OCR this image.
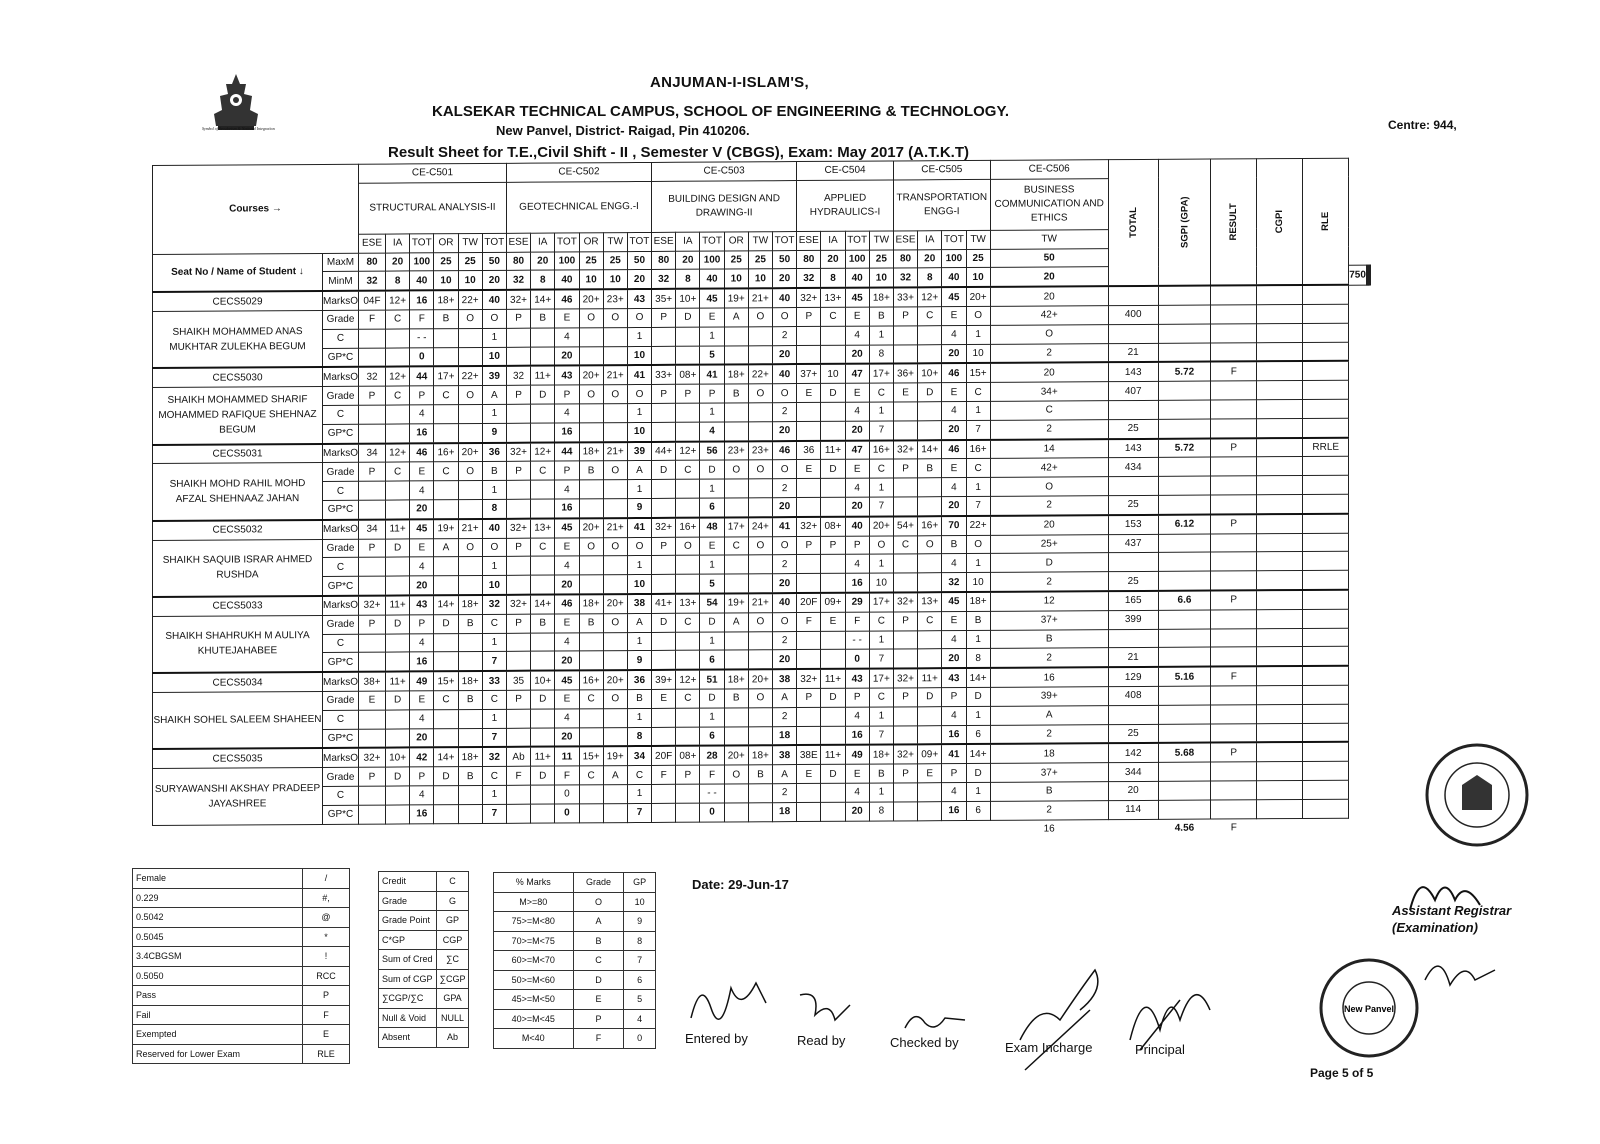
Symbol of Secularism & National Integration
ANJUMAN-I-ISLAM'S,
KALSEKAR TECHNICAL CAMPUS, SCHOOL OF ENGINEERING & TECHNOLOGY.
New Panvel, District- Raigad, Pin 410206.	Centre: 944,
Result Sheet for T.E.,Civil Shift - II , Semester V (CBGS), Exam: May 2017 (A.T.K.T)
Courses →		CE-C501						CE-C502						CE-C503						CE-C504				CE-C505				CE-C506	TOTAL	SGPI (GPA)	RESULT	CGPI	RLE			
		STRUCTURAL ANALYSIS-II						GEOTECHNICAL ENGG.-I						BUILDING DESIGN AND DRAWING-II						APPLIED HYDRAULICS-I				TRANSPORTATION ENGG-I				BUSINESS COMMUNICATION AND ETHICS								
		ESE	IA	TOT	OR	TW	TOT	ESE	IA	TOT	OR	TW	TOT	ESE	IA	TOT	OR	TW	TOT	ESE	IA	TOT	TW	ESE	IA	TOT	TW	TW								
Seat No / Name of Student ↓	MaxM	80	20	100	25	25	50	80	20	100	25	25	50	80	20	100	25	25	50	80	20	100	25	80	20	100	25	50								
	MinM	32	8	40	10	10	20	32	8	40	10	10	20	32	8	40	10	10	20	32	8	40	10	32	8	40	10	20						750				
CECS5029	MarksO	04F	12+	16	18+	22+	40	32+	14+	46	20+	23+	43	35+	10+	45	19+	21+	40	32+	13+	45	18+	33+	12+	45	20+	20								
SHAIKH MOHAMMED ANAS MUKHTAR ZULEKHA BEGUM	Grade	F	C	F	B	O	O	P	B	E	O	O	O	P	D	E	A	O	O	P	C	E	B	P	C	E	O	42+	400							
	C			- -			1			4			1			1			2			4	1			4	1	O								
	GP*C			0			10			20			10			5			20			20	8			20	10	2	21							
CECS5030	MarksO	32	12+	44	17+	22+	39	32	11+	43	20+	21+	41	33+	08+	41	18+	22+	40	37+	10	47	17+	36+	10+	46	15+	20	143	5.72	F					
SHAIKH MOHAMMED SHARIF MOHAMMED RAFIQUE SHEHNAZ BEGUM	Grade	P	C	P	C	O	A	P	D	P	O	O	O	P	P	P	B	O	O	E	D	E	C	E	D	E	C	34+	407							
	C			4			1			4			1			1			2			4	1			4	1	C								
	GP*C			16			9			16			10			4			20			20	7			20	7	2	25							
CECS5031	MarksO	34	12+	46	16+	20+	36	32+	12+	44	18+	21+	39	44+	12+	56	23+	23+	46	36	11+	47	16+	32+	14+	46	16+	14	143	5.72	P		RRLE			
SHAIKH MOHD RAHIL MOHD AFZAL SHEHNAAZ JAHAN	Grade	P	C	E	C	O	B	P	C	P	B	O	A	D	C	D	O	O	O	E	D	E	C	P	B	E	C	42+	434							
	C			4			1			4			1			1			2			4	1			4	1	O								
	GP*C			20			8			16			9			6			20			20	7			20	7	2	25							
CECS5032	MarksO	34	11+	45	19+	21+	40	32+	13+	45	20+	21+	41	32+	16+	48	17+	24+	41	32+	08+	40	20+	54+	16+	70	22+	20	153	6.12	P					
SHAIKH SAQUIB ISRAR AHMED RUSHDA	Grade	P	D	E	A	O	O	P	C	E	O	O	O	P	O	E	C	O	O	P	P	P	O	C	O	B	O	25+	437							
	C			4			1			4			1			1			2			4	1			4	1	D								
	GP*C			20			10			20			10			5			20			16	10			32	10	2	25							
CECS5033	MarksO	32+	11+	43	14+	18+	32	32+	14+	46	18+	20+	38	41+	13+	54	19+	21+	40	20F	09+	29	17+	32+	13+	45	18+	12	165	6.6	P					
SHAIKH SHAHRUKH M AULIYA KHUTEJAHABEE	Grade	P	D	P	D	B	C	P	B	E	B	O	A	D	C	D	A	O	O	F	E	F	C	P	C	E	B	37+	399							
	C			4			1			4			1			1			2			- -	1			4	1	B								
	GP*C			16			7			20			9			6			20			0	7			20	8	2	21							
CECS5034	MarksO	38+	11+	49	15+	18+	33	35	10+	45	16+	20+	36	39+	12+	51	18+	20+	38	32+	11+	43	17+	32+	11+	43	14+	16	129	5.16	F					
SHAIKH SOHEL SALEEM SHAHEEN	Grade	E	D	E	C	B	C	P	D	E	C	O	B	E	C	D	B	O	A	P	D	P	C	P	D	P	D	39+	408							
	C			4			1			4			1			1			2			4	1			4	1	A								
	GP*C			20			7			20			8			6			18			16	7			16	6	2	25							
CECS5035	MarksO	32+	10+	42	14+	18+	32	Ab	11+	11	15+	19+	34	20F	08+	28	20+	18+	38	38E	11+	49	18+	32+	09+	41	14+	18	142	5.68	P					
SURYAWANSHI AKSHAY PRADEEP JAYASHREE	Grade	P	D	P	D	B	C	F	D	F	C	A	C	F	P	F	O	B	A	E	D	E	B	P	E	P	D	37+	344							
	C			4			1			0			1			- -			2			4	1			4	1	B	20							
	GP*C			16			7			0			7			0			18			20	8			16	6	2	114							
																												16		4.56	F					
Female	/
0.229	#,
0.5042	@
0.5045	*
3.4CBGSM	!
0.5050	RCC
Pass	P
Fail	F
Exempted	E
Reserved for Lower Exam	RLE
Credit	C
Grade	G
Grade Point	GP
C*GP	CGP
Sum of Cred	∑C
Sum of CGP	∑CGP
∑CGP/∑C	GPA
Null & Void	NULL
Absent	Ab
% Marks	Grade	GP
M>=80	O	10
75>=M<80	A	9
70>=M<75	B	8
60>=M<70	C	7
50>=M<60	D	6
45>=M<50	E	5
40>=M<45	P	4
M<40	F	0
Date: 29-Jun-17
Entered by	Read by	Checked by	Exam Incharge	Principal
Assistant Registrar
(Examination)
New Panvel
Page 5 of 5
